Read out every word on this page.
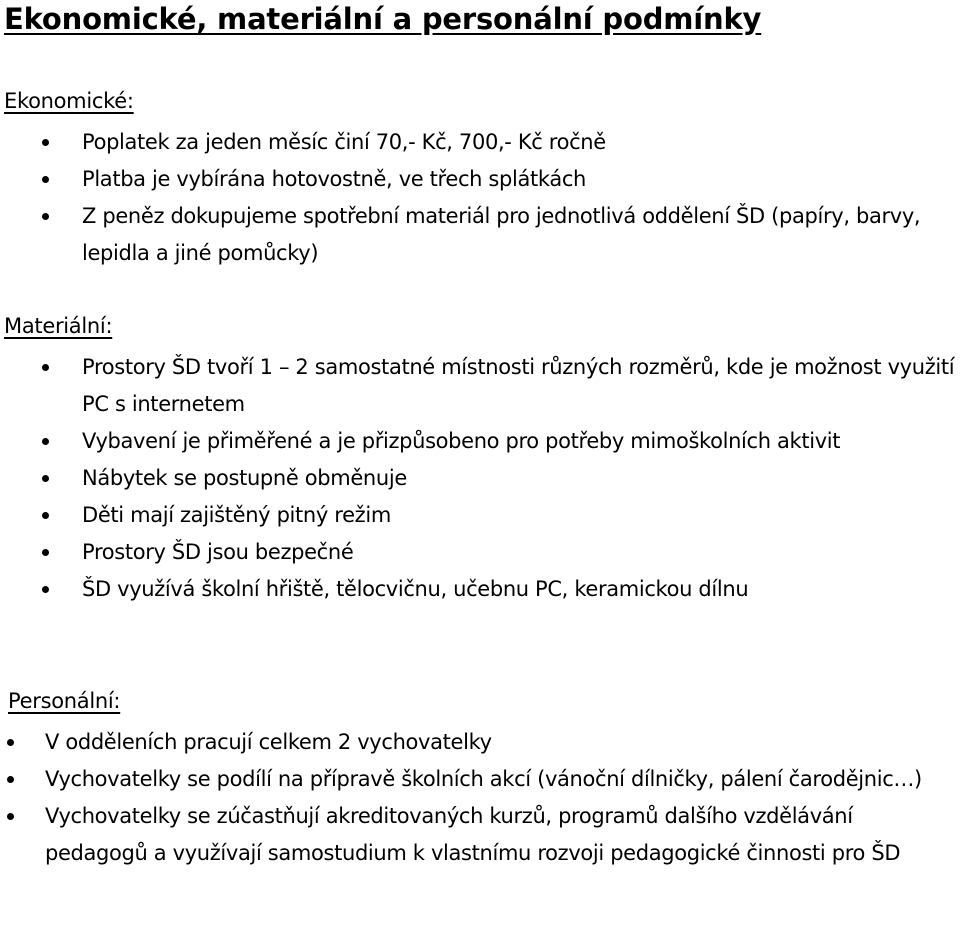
Ekonomické, materiální a personální podmínky
Ekonomické:
Poplatek za jeden měsíc činí 70,- Kč, 700,- Kč ročně
Platba je vybírána hotovostně, ve třech splátkách
Z peněz dokupujeme spotřební materiál pro jednotlivá oddělení ŠD (papíry, barvy, lepidla a jiné pomůcky)
Materiální:
Prostory ŠD tvoří 1 – 2 samostatné místnosti různých rozměrů, kde je možnost využití PC s internetem
Vybavení je přiměřené a je přizpůsobeno pro potřeby mimoškolních aktivit
Nábytek se postupně obměnuje
Děti mají zajištěný pitný režim
Prostory ŠD jsou bezpečné
ŠD využívá školní hřiště, tělocvičnu, učebnu PC, keramickou dílnu
Personální:
V odděleních pracují celkem 2 vychovatelky
Vychovatelky se podílí na přípravě školních akcí (vánoční dílničky, pálení čarodějnic…)
Vychovatelky se zúčastňují akreditovaných kurzů, programů dalšího vzdělávání pedagogů a využívají samostudium k vlastnímu rozvoji pedagogické činnosti pro ŠD
